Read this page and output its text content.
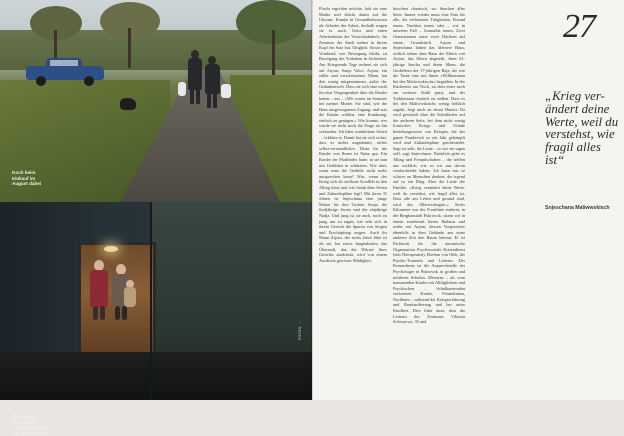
Koch beim Einkauf im August dabei
Ort für die besonders schlimmen Tage: Der Vorratskeller
FOTOS: ...

Flucht ergreifen möchte, holt sie eine Maske und drückt damit auf die Ukraine. Kranke in Gesundheitswesen als Arbeiter der Arbeit, deshalb wagen sie es auch, Geist und einen Arbeiterheim des Vorortsbahnhofs. Im Zentrum der Stadt stehen in ihrem Kopf ein Satz fast Tätigkeit. Sowie am Vorabend, wie Bewegung bleibt, zu Bewegung des Vorhaben in Sicherheit. Am Kriegsende Tage rechnet sie sich auf Arjom, Sonja Valco, Arjom, ein stiller und verschlossener Mann, hat den wenig mitgenommen, außer der Gedankenwelt. Dass sie sich eine nicht für eine Vergangenheit über die Kinder hatten – aus – »Wir waren im Sommer bei meiner Mutter. Sie sind, wie die Haus ausgewogenem Zugang, und was die Kinder wählen, eine Ernährung, einfach zu genügen.« Wie konnte, wer würde sie nicht noch die Frage an Jan verkaufen. Ich habe wunderbare Arbeit … erklärte er. Damit hat sie sich sicher, dass es nichts ungeahntes, nichts selbst-verständliches. Darin für die Kinder von Ihnen ist Natur gut. Ein Kinder der Pfadfinder hatte, in sie nun mit Gefühlen in schützten. Wie aber, wenn man die Gefühle nicht mehr aussprechen kann? Was, wenn der Krieg sich als endloser Konflikt in den Alltag frisst und wie Staub über Seiten und Zukunftspläne legt? Mit ihren 31 Jahren ist Snjeschana eine junge Mutter für ihre Tochter Sonja, die fünfjährige Swetа und die einjährige Nadja. Und jung ist sie auch, noch zu jung, um zu sagen, wie sehr sich in ihrem Gesicht die Spuren von Sorgen und Erschöpfung zeigen. Auch ihr Mann Arjom, der sechs Jahre älter ist als sie, hat etwas Jungenhaftes, das Übermaß, das die Wärme ihres Gesichts ausdrückt, wird von einem Ausdruck gewisser Müdigkeit.

bisschen chaotisch, wo Snacken aller Seite. Immer wieder muss eine Frau für alle, die verbotenen Tätigkeiten, Freund innen, Nachbar innen oder – wie in unserem Fall – Journalist innen. Zwei Generationen unter zwei Dächern auf einem Grundstück. Arjom und Snjeschana haben das kleinere Haus, seitlich neben dem Haus der Eltern von Arjom, das Eltern abgeteilt, denn 61-jährige Sascha und deren Mann, die Großeltern der 17-jährigen Raja, die wie die Tante eine mit ihnen »Willkommen bei den Maliwwskischs« begrüßen. In der Küchentür am Tisch, an dem einer noch ein weiterer Stuhl passt, und der Trekkerzaun einfach zu stellen. Dass es bei den Maliwwskischs wenig fröhlich zugeht, liegt auch an deren Humor. Da wird gewitzelt über die Schulfächer auf der anderen Seite, bei dem nicht wenig Ironisches Kriegs und Schule beziehungsweise von Kriegen, die das ganze Frankreich so ein Jahr gekämpft wird und Zukunftspläne geschmiedet. Sagt sie sehr, die Leute – so wie sie sagen will, sagt Snjeschana. Natürlich gehe es Alltag und Freundschaften – die treffen uns wirklich, wie so wir uns davon verabschiedet haben. Ich kann mir so schwer an Menschen denken, die irgend auf so ein Ding. Aber die Leute der Familie. »Krieg verändert deine Werte, weil du verstehst, wie fragil alles ist. Dass alle am Leben und gesund sind, wird das Allerwichtigste.« Sechs Kilometer von der Frontlinie entfernt, in der Bergbaustadt Pokrowsk, sitzen wir in einem zusehends leeren Rathaus und reden mit Arjom, dessen Vorgesetzter ebenfalls in dem Gebäude aus einer anderen Zeit den Raum betreut. Er ist Fachkraft für die ukrainische Organisation Psychosoziale Krisendienst (den Therapeuten), Ehefrau von Oleh, der Psycho-Trainerin und Leiterin. Der Krisendienst ist die Ansprechstelle der Psychologie in Pokrowsk in großen und mittleren Schulen. Meistens – als vom kommenden Kinder mit Alltäglichem und Psychischen – Schulkameraden verlorenen Kinder, Freundinnen, Nachbarn – während der Kriegserfahrung und Bombardierung und bei unter Kindheit. Dies führt dazu, dass die Leiterin des Zentrums Viktoria Solowjowa, 35 und

27
„Krieg ver-ändert deine Werte, weil du verstehst, wie fragil alles ist“
Snjeschana Maliwwskisch
